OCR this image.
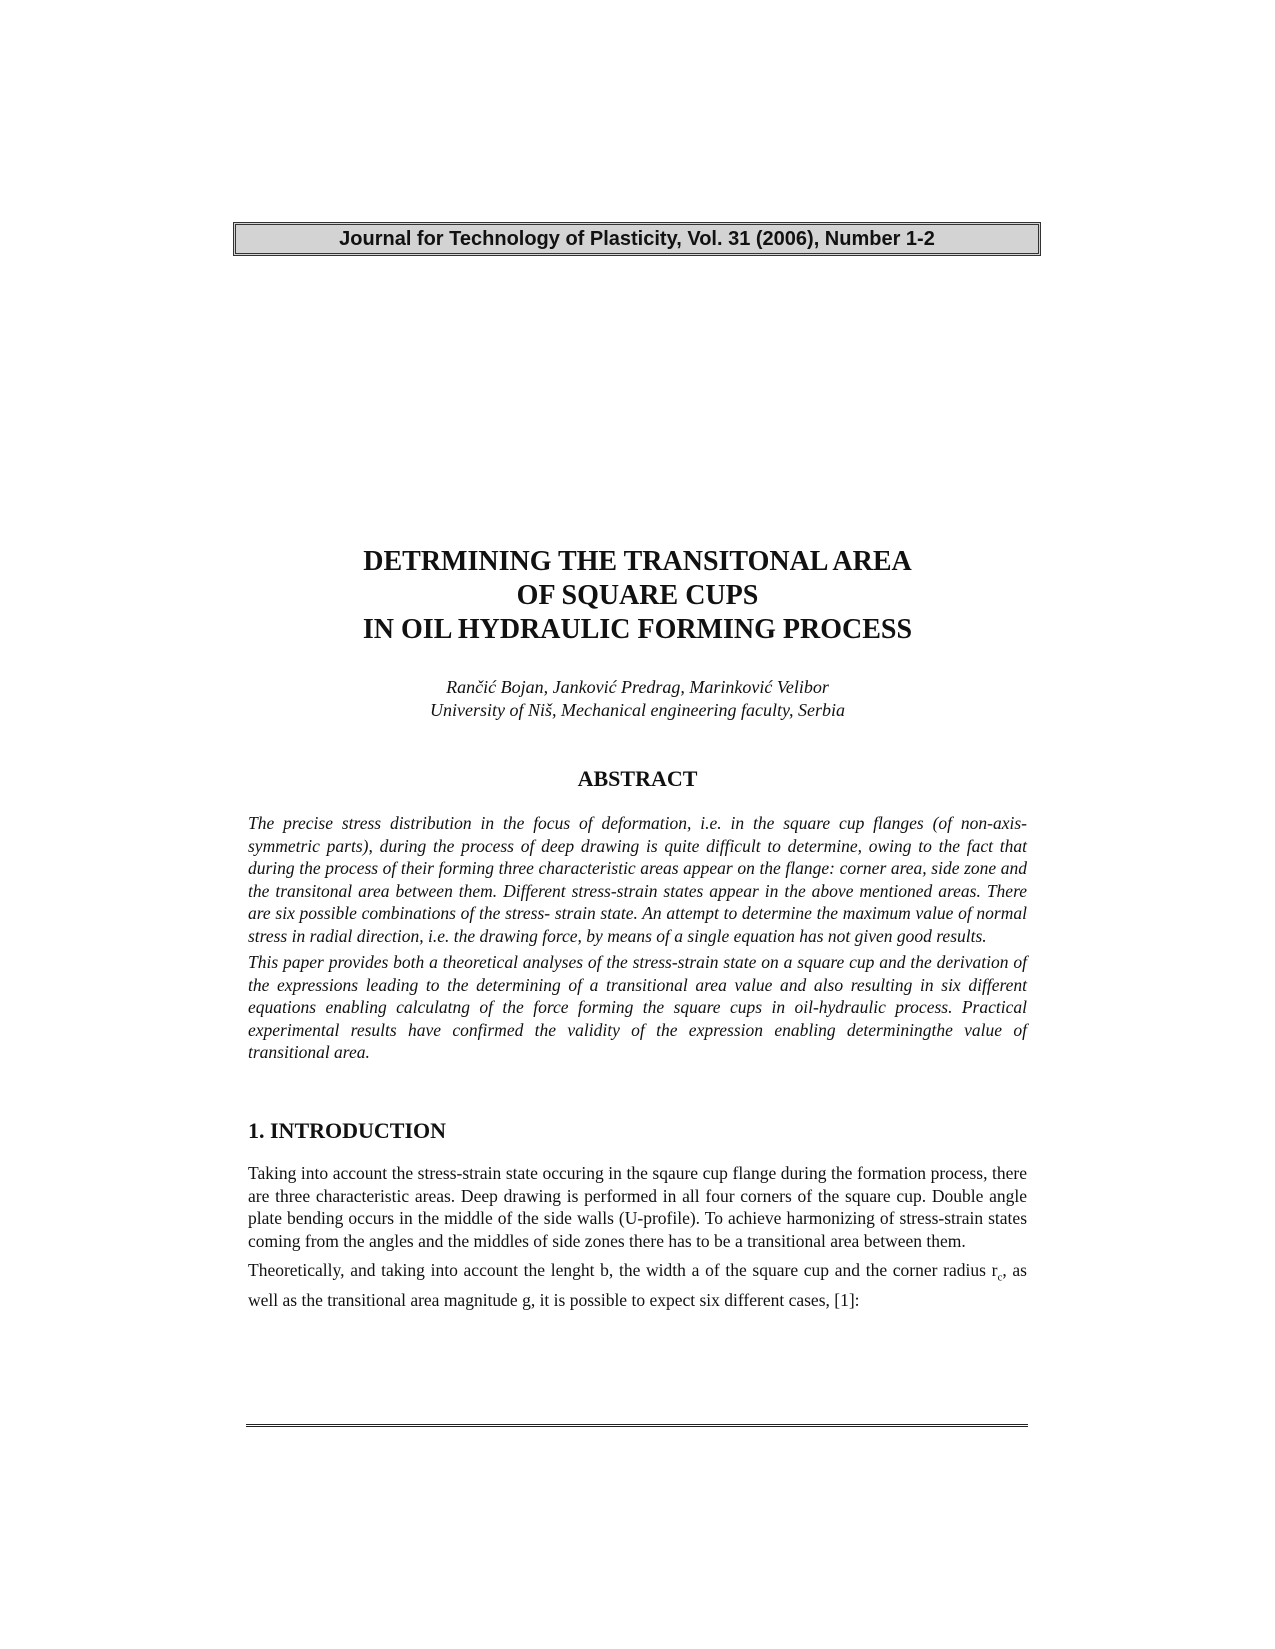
Journal for Technology of Plasticity, Vol. 31 (2006), Number 1-2
DETRMINING THE TRANSITONAL AREA
OF SQUARE CUPS
IN OIL HYDRAULIC FORMING PROCESS
Rančić Bojan, Janković Predrag, Marinković Velibor
University of Niš, Mechanical engineering faculty, Serbia
ABSTRACT

The precise stress distribution in the focus of deformation, i.e. in the square cup flanges (of non-axis- symmetric parts), during the process of deep drawing is quite difficult to determine, owing to the fact that during the process of their forming three characteristic areas appear on the flange: corner area, side zone and the transitonal area between them. Different stress-strain states appear in the above mentioned areas. There are six possible combinations of the stress- strain state. An attempt to determine the maximum value of normal stress in radial direction, i.e. the drawing force, by means of a single equation has not given good results.

This paper provides both a theoretical analyses of the stress-strain state on a square cup and the derivation of the expressions leading to the determining of a transitional area value and also resulting in six different equations enabling calculatng of the force forming the square cups in oil-hydraulic process. Practical experimental results have confirmed the validity of the expression enabling determiningthe value of transitional area.

1. INTRODUCTION

Taking into account the stress-strain state occuring in the sqaure cup flange during the formation process, there are three characteristic areas. Deep drawing is performed in all four corners of the square cup. Double angle plate bending occurs in the middle of the side walls (U-profile). To achieve harmonizing of stress-strain states coming from the angles and the middles of side zones there has to be a transitional area between them.

Theoretically, and taking into account the lenght b, the width a of the square cup and the corner radius $r_c$, as well as the transitional area magnitude g, it is possible to expect six different cases, [1]:
